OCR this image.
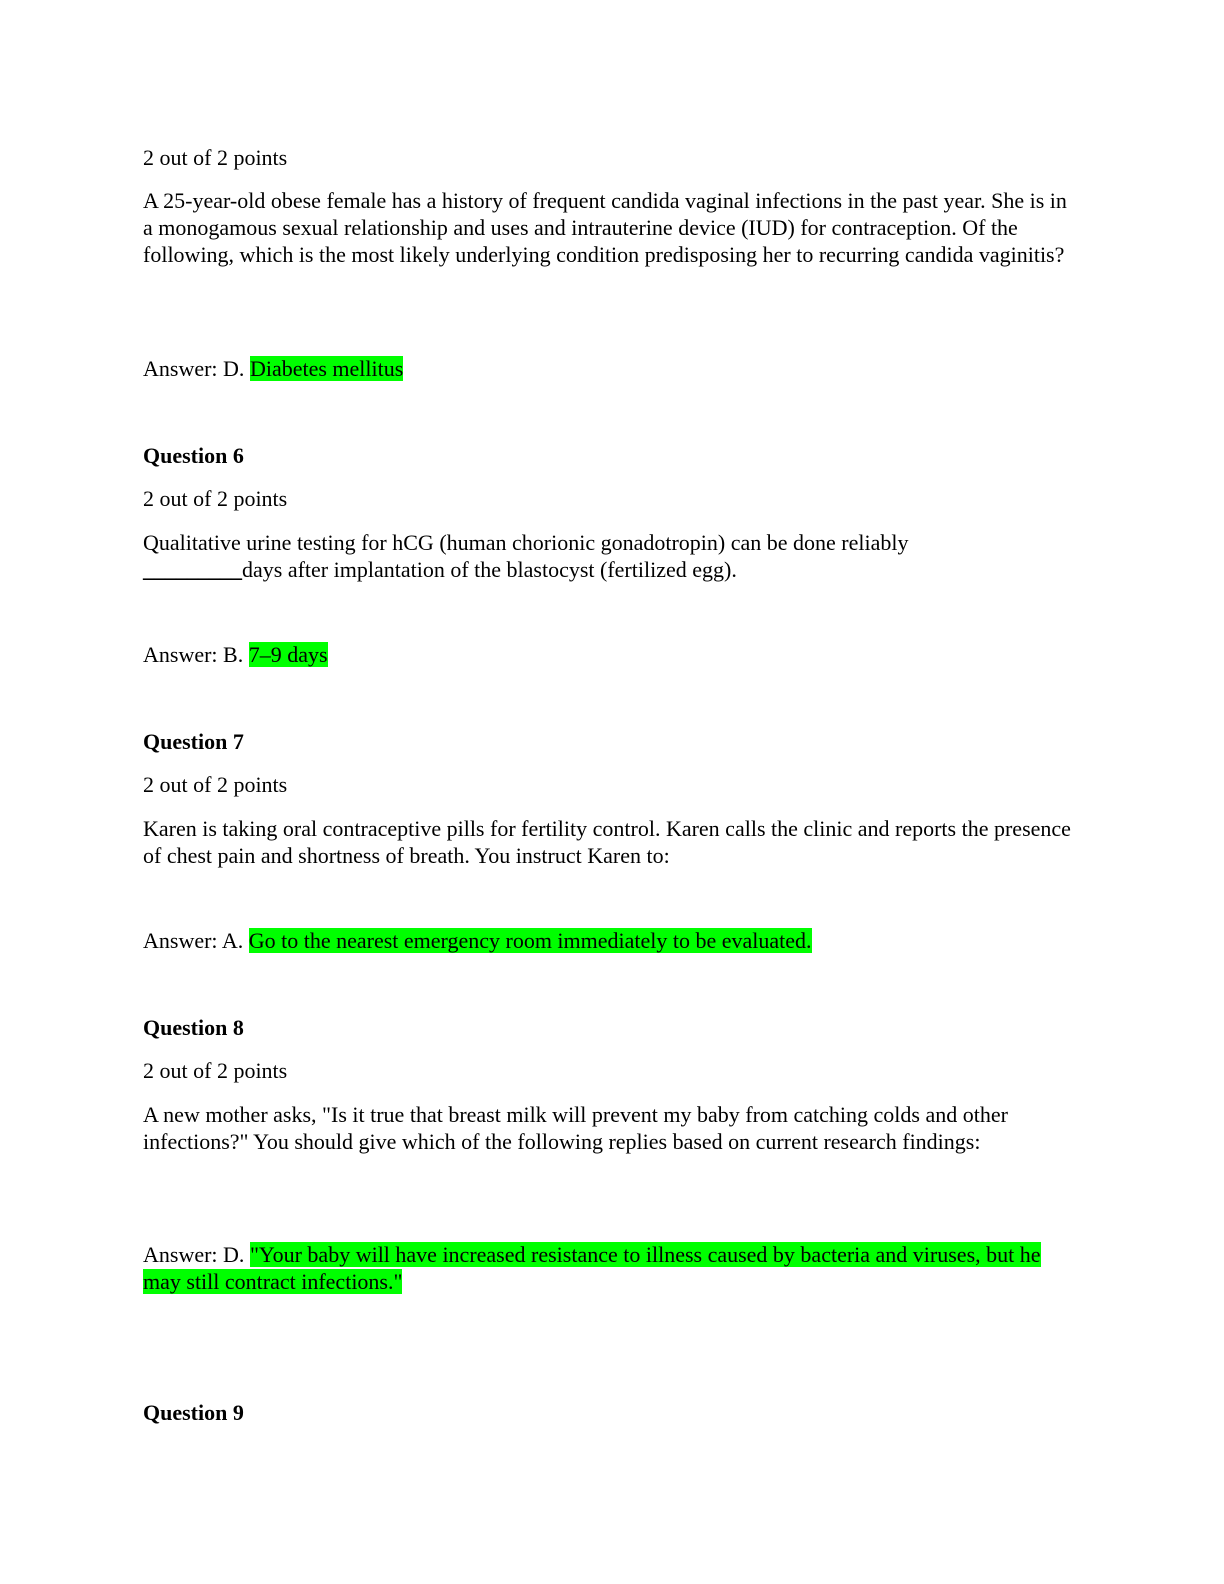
2 out of 2 points

A 25-year-old obese female has a history of frequent candida vaginal infections in the past year. She is in a monogamous sexual relationship and uses and intrauterine device (IUD) for contraception. Of the following, which is the most likely underlying condition predisposing her to recurring candida vaginitis?

Answer: D. Diabetes mellitus

Question 6

2 out of 2 points

Qualitative urine testing for hCG (human chorionic gonadotropin) can be done reliably
_________days after implantation of the blastocyst (fertilized egg).

Answer: B. 7–9 days

Question 7

2 out of 2 points

Karen is taking oral contraceptive pills for fertility control. Karen calls the clinic and reports the presence of chest pain and shortness of breath. You instruct Karen to:

Answer: A. Go to the nearest emergency room immediately to be evaluated.

Question 8

2 out of 2 points

A new mother asks, "Is it true that breast milk will prevent my baby from catching colds and other infections?" You should give which of the following replies based on current research findings:

Answer: D. "Your baby will have increased resistance to illness caused by bacteria and viruses, but he may still contract infections."

Question 9
